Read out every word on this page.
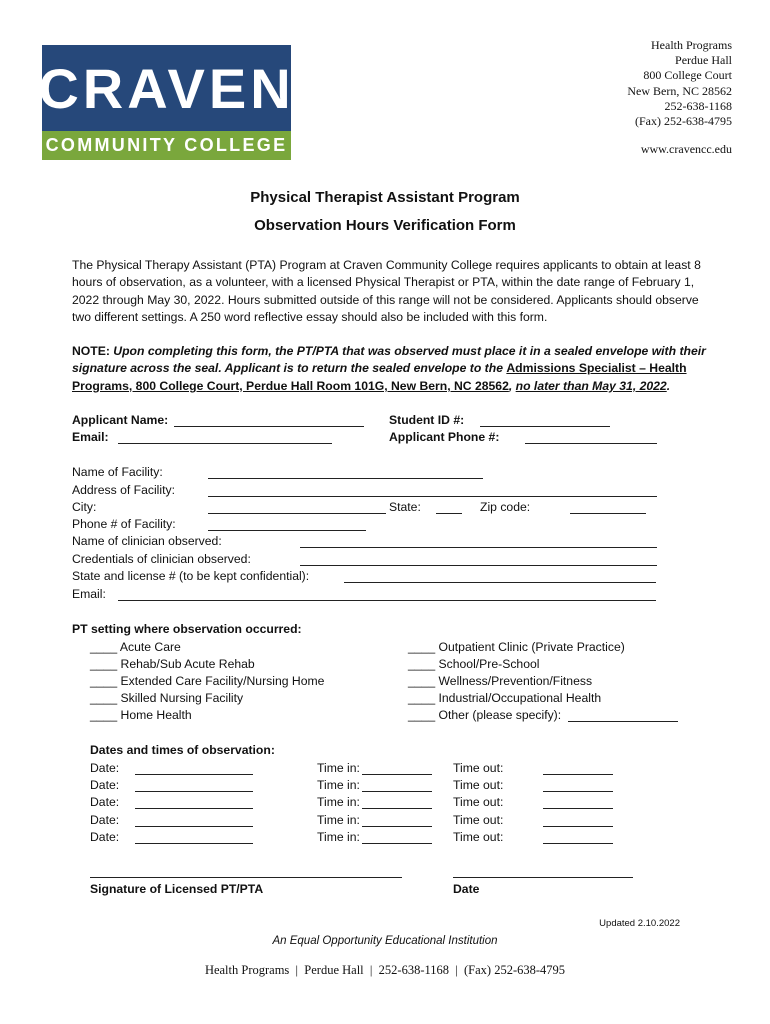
CRAVEN
COMMUNITY COLLEGE
Health Programs
Perdue Hall
800 College Court
New Bern, NC 28562
252-638-1168
(Fax) 252-638-4795
www.cravencc.edu
Physical Therapist Assistant Program
Observation Hours Verification Form
The Physical Therapy Assistant (PTA) Program at Craven Community College requires applicants to obtain at least 8 hours of observation, as a volunteer, with a licensed Physical Therapist or PTA, within the date range of February 1, 2022 through May 30, 2022. Hours submitted outside of this range will not be considered. Applicants should observe two different settings. A 250 word reflective essay should also be included with this form.
NOTE: Upon completing this form, the PT/PTA that was observed must place it in a sealed envelope with their signature across the seal. Applicant is to return the sealed envelope to the Admissions Specialist – Health Programs, 800 College Court, Perdue Hall Room 101G, New Bern, NC 28562, no later than May 31, 2022.
Applicant Name:
Email:
Student ID #:
Applicant Phone #:
Name of Facility:
Address of Facility:
City:	State:	Zip code:
Phone # of Facility:
Name of clinician observed:
Credentials of clinician observed:
State and license # (to be kept confidential):
Email:
PT setting where observation occurred:
____ Acute Care
____ Rehab/Sub Acute Rehab
____ Extended Care Facility/Nursing Home
____ Skilled Nursing Facility
____ Home Health
____ Outpatient Clinic (Private Practice)
____ School/Pre-School
____ Wellness/Prevention/Fitness
____ Industrial/Occupational Health
____ Other (please specify):
Dates and times of observation:
Date:	Time in:	Time out:
Date:	Time in:	Time out:
Date:	Time in:	Time out:
Date:	Time in:	Time out:
Date:	Time in:	Time out:
Signature of Licensed PT/PTA	Date
Updated 2.10.2022
An Equal Opportunity Educational Institution
Health Programs  |  Perdue Hall  |  252-638-1168  |  (Fax) 252-638-4795
